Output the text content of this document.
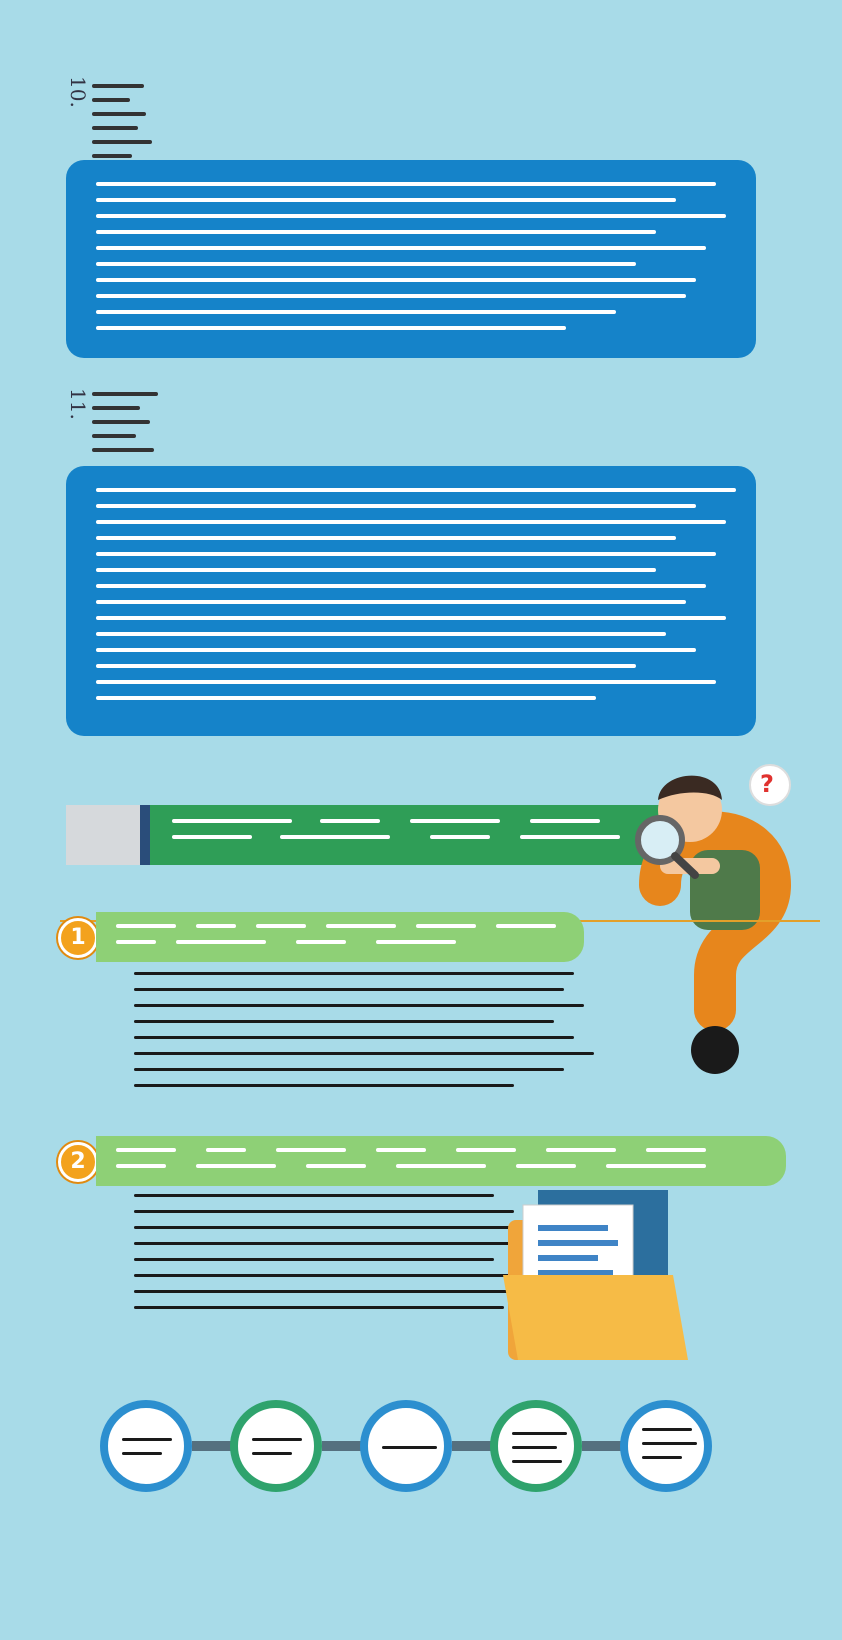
10.
11.
?
1
2
